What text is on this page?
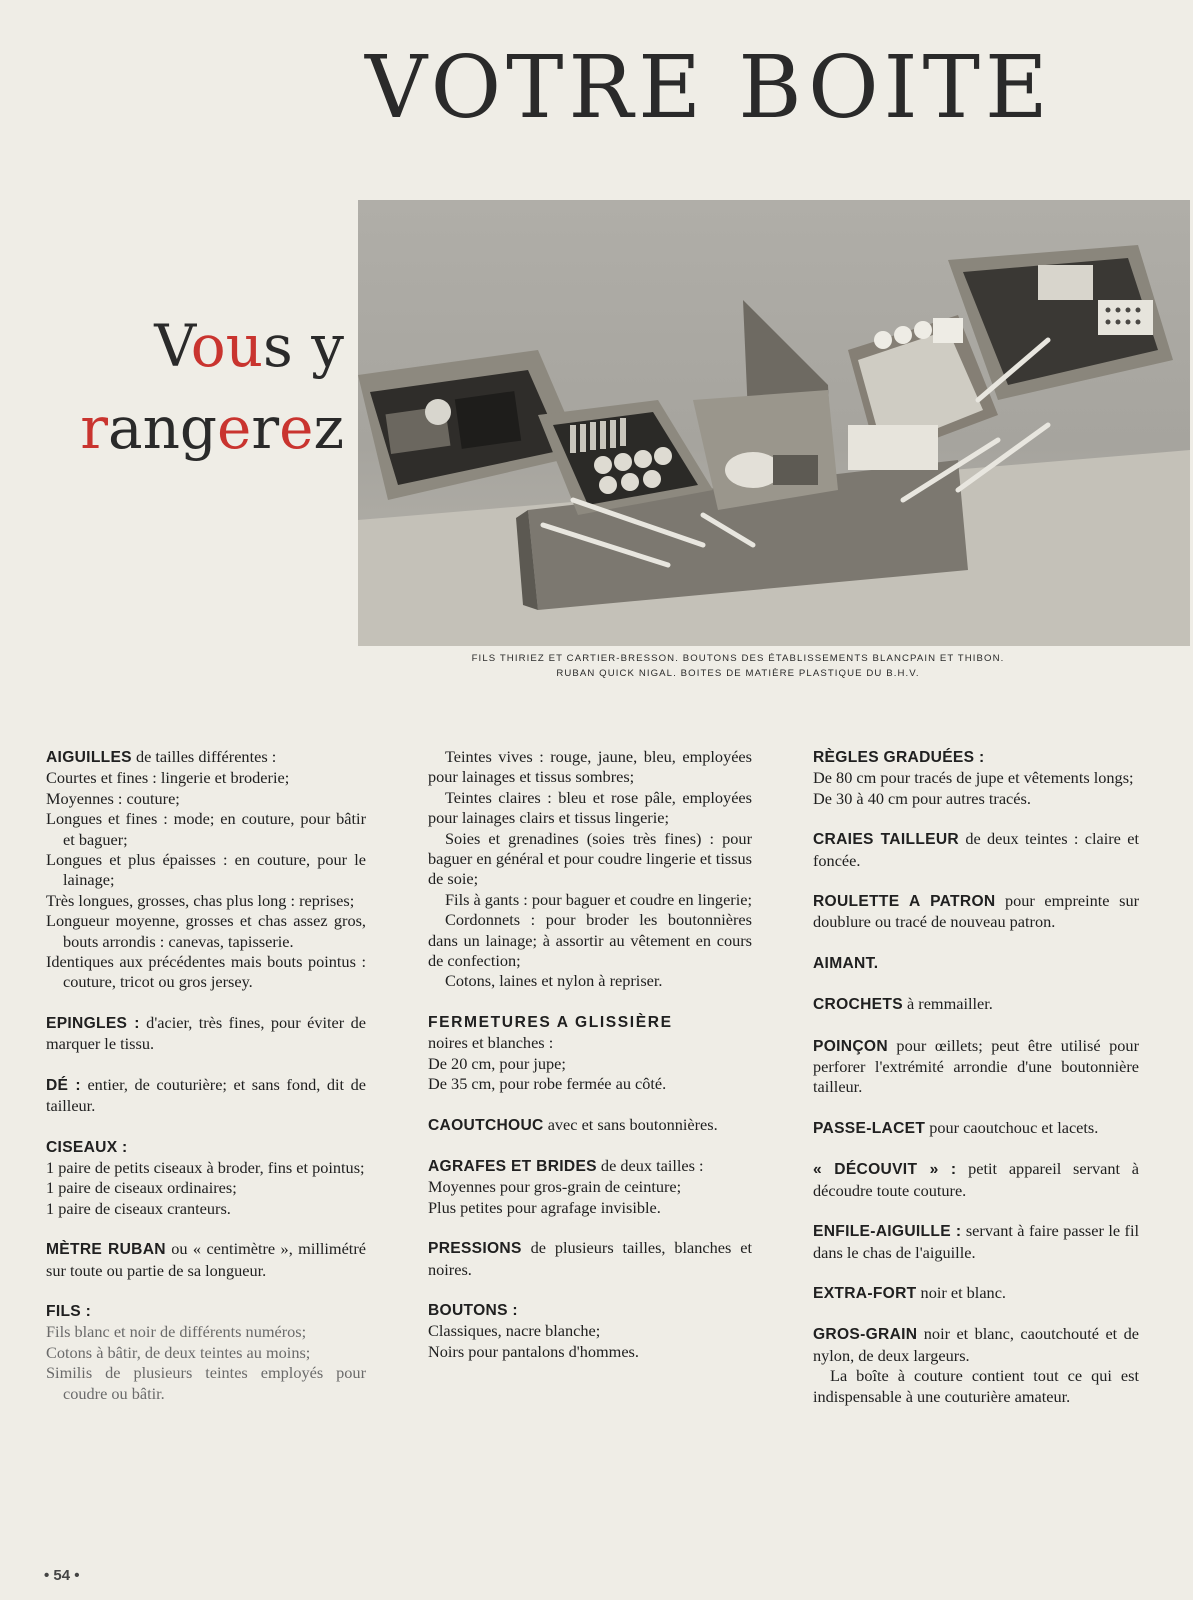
VOTRE BOITE
Vous y
rangerez
FILS THIRIEZ ET CARTIER-BRESSON. BOUTONS DES ÉTABLISSEMENTS BLANCPAIN ET THIBON.
RUBAN QUICK NIGAL. BOITES DE MATIÈRE PLASTIQUE DU B.H.V.
AIGUILLES de tailles différentes :
Courtes et fines : lingerie et broderie;
Moyennes : couture;
Longues et fines : mode; en couture, pour bâtir et baguer;
Longues et plus épaisses : en couture, pour le lainage;
Très longues, grosses, chas plus long : reprises;
Longueur moyenne, grosses et chas assez gros, bouts arrondis : canevas, tapisserie.
Identiques aux précédentes mais bouts pointus : couture, tricot ou gros jersey.
EPINGLES : d'acier, très fines, pour éviter de marquer le tissu.
DÉ : entier, de couturière; et sans fond, dit de tailleur.
CISEAUX :
1 paire de petits ciseaux à broder, fins et pointus;
1 paire de ciseaux ordinaires;
1 paire de ciseaux cranteurs.
MÈTRE RUBAN ou « centimètre », millimétré sur toute ou partie de sa longueur.
FILS :
Fils blanc et noir de différents numéros;
Cotons à bâtir, de deux teintes au moins;
Similis de plusieurs teintes employés pour coudre ou bâtir.
Teintes vives : rouge, jaune, bleu, employées pour lainages et tissus sombres;
Teintes claires : bleu et rose pâle, employées pour lainages clairs et tissus lingerie;
Soies et grenadines (soies très fines) : pour baguer en général et pour coudre lingerie et tissus de soie;
Fils à gants : pour baguer et coudre en lingerie;
Cordonnets : pour broder les boutonnières dans un lainage; à assortir au vêtement en cours de confection;
Cotons, laines et nylon à repriser.
FERMETURES A GLISSIÈRE
noires et blanches :
De 20 cm, pour jupe;
De 35 cm, pour robe fermée au côté.
CAOUTCHOUC avec et sans boutonnières.
AGRAFES ET BRIDES de deux tailles :
Moyennes pour gros-grain de ceinture;
Plus petites pour agrafage invisible.
PRESSIONS de plusieurs tailles, blanches et noires.
BOUTONS :
Classiques, nacre blanche;
Noirs pour pantalons d'hommes.
RÈGLES GRADUÉES :
De 80 cm pour tracés de jupe et vêtements longs;
De 30 à 40 cm pour autres tracés.
CRAIES TAILLEUR de deux teintes : claire et foncée.
ROULETTE A PATRON pour empreinte sur doublure ou tracé de nouveau patron.
AIMANT.
CROCHETS à remmailler.
POINÇON pour œillets; peut être utilisé pour perforer l'extrémité arrondie d'une boutonnière tailleur.
PASSE-LACET pour caoutchouc et lacets.
« DÉCOUVIT » : petit appareil servant à découdre toute couture.
ENFILE-AIGUILLE : servant à faire passer le fil dans le chas de l'aiguille.
EXTRA-FORT noir et blanc.
GROS-GRAIN noir et blanc, caoutchouté et de nylon, de deux largeurs.
La boîte à couture contient tout ce qui est indispensable à une couturière amateur.
• 54 •
